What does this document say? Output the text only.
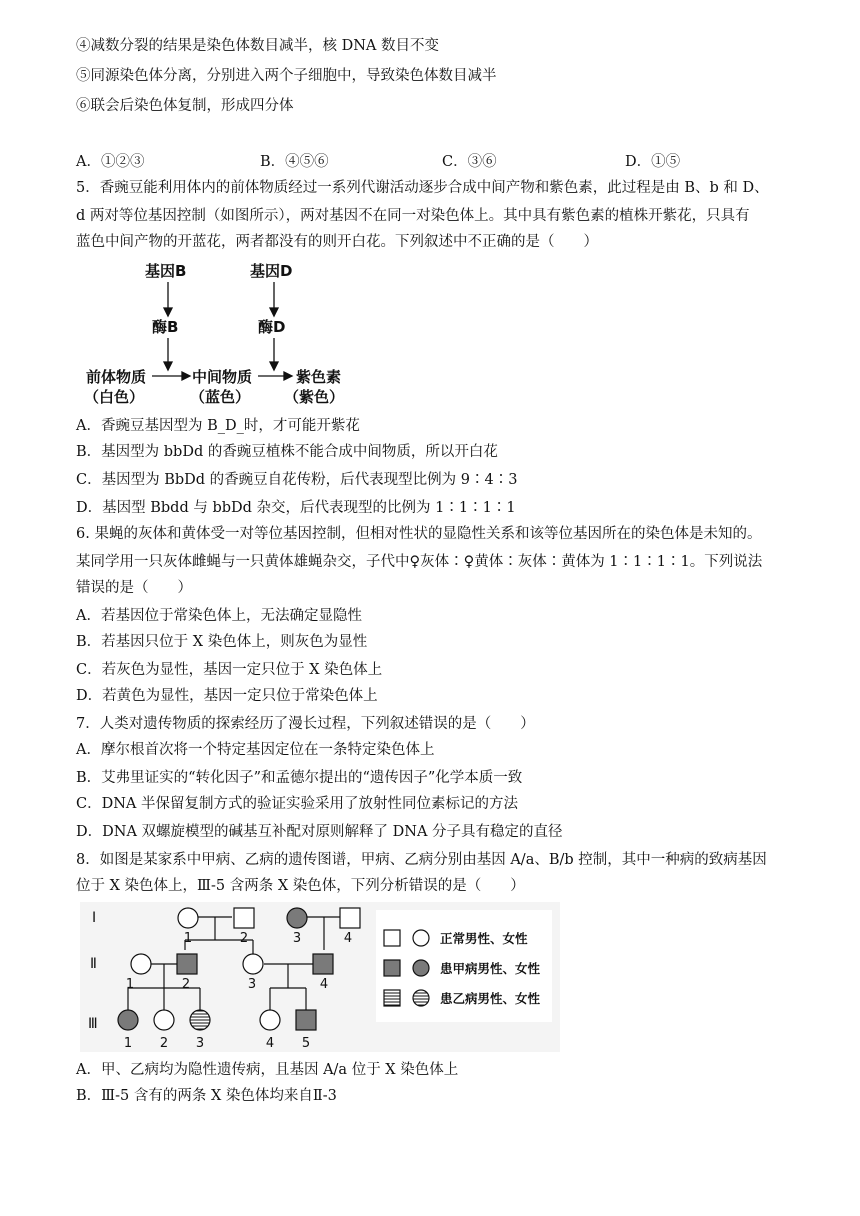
④减数分裂的结果是染色体数目减半，核 DNA 数目不变
⑤同源染色体分离，分别进入两个子细胞中，导致染色体数目减半
⑥联会后染色体复制，形成四分体
A．①②③	B．④⑤⑥	C．③⑥	D．①⑤
5．香豌豆能利用体内的前体物质经过一系列代谢活动逐步合成中间产物和紫色素，此过程是由 B、b 和 D、
d 两对等位基因控制（如图所示），两对基因不在同一对染色体上。其中具有紫色素的植株开紫花，只具有
蓝色中间产物的开蓝花，两者都没有的则开白花。下列叙述中不正确的是（　　）
基因B	基因D
酶B	酶D
前体物质
（白色）
中间物质
（蓝色）
紫色素
（紫色）
A．香豌豆基因型为 B_D_时，才可能开紫花
B．基因型为 bbDd 的香豌豆植株不能合成中间物质，所以开白花
C．基因型为 BbDd 的香豌豆自花传粉，后代表现型比例为 9∶4∶3
D．基因型 Bbdd 与 bbDd 杂交，后代表现型的比例为 1∶1∶1∶1
6. 果蝇的灰体和黄体受一对等位基因控制，但相对性状的显隐性关系和该等位基因所在的染色体是未知的。
某同学用一只灰体雌蝇与一只黄体雄蝇杂交，子代中♀灰体∶♀黄体∶灰体∶黄体为 1∶1∶1∶1。下列说法
错误的是（　　）
A．若基因位于常染色体上，无法确定显隐性
B．若基因只位于 X 染色体上，则灰色为显性
C．若灰色为显性，基因一定只位于 X 染色体上
D．若黄色为显性，基因一定只位于常染色体上
7．人类对遗传物质的探索经历了漫长过程，下列叙述错误的是（　　）
A．摩尔根首次将一个特定基因定位在一条特定染色体上
B．艾弗里证实的“转化因子”和孟德尔提出的“遗传因子”化学本质一致
C．DNA 半保留复制方式的验证实验采用了放射性同位素标记的方法
D．DNA 双螺旋模型的碱基互补配对原则解释了 DNA 分子具有稳定的直径
8．如图是某家系中甲病、乙病的遗传图谱，甲病、乙病分别由基因 A/a、B/b 控制，其中一种病的致病基因
位于 X 染色体上，Ⅲ-5 含两条 X 染色体，下列分析错误的是（　　）
I
Ⅱ
Ⅲ
1	2	3	4
1	2	3	4
1 2 3	4 5
正常男性、女性
患甲病男性、女性
患乙病男性、女性
A．甲、乙病均为隐性遗传病，且基因 A/a 位于 X 染色体上
B．Ⅲ-5 含有的两条 X 染色体均来自Ⅱ-3
